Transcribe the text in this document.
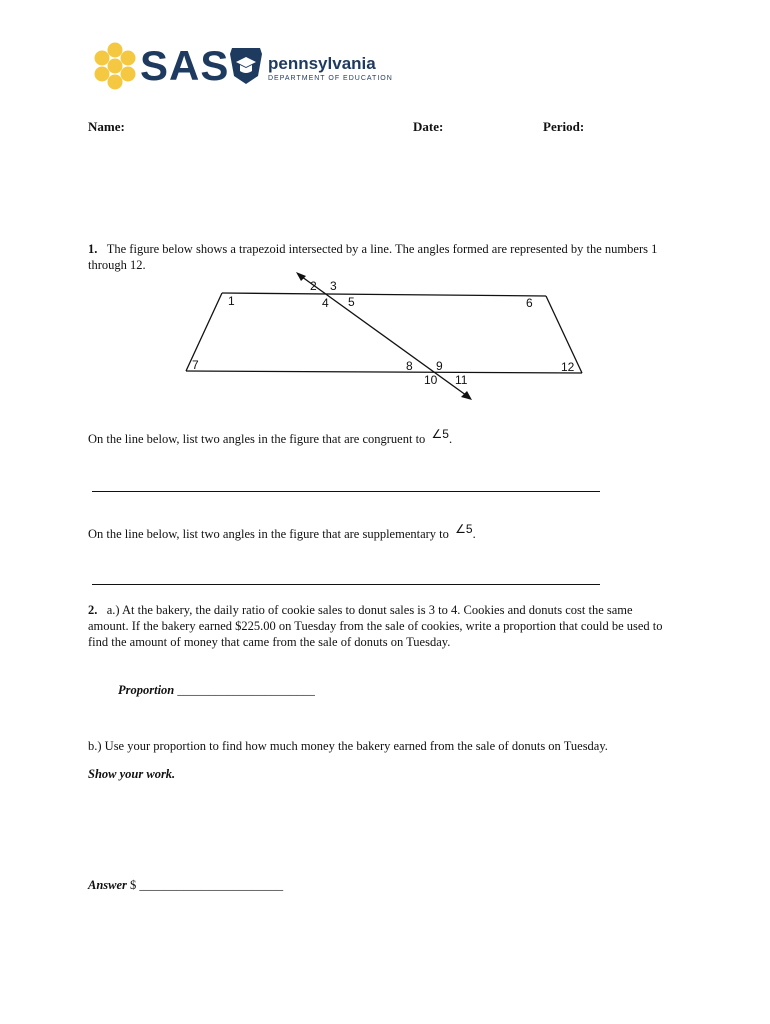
SAS pennsylvania
DEPARTMENT OF EDUCATION
Name:	Date:	Period:
1. The figure below shows a trapezoid intersected by a line. The angles formed are represented by the numbers 1
through 12.
1
2 3
4 5	6
7	8 9
10 11
12
On the line below, list two angles in the figure that are congruent to $^{\angle 5}$.
On the line below, list two angles in the figure that are supplementary to $^{\angle 5}$.
2. a.) At the bakery, the daily ratio of cookie sales to donut sales is 3 to 4. Cookies and donuts cost the same
amount. If the bakery earned $225.00 on Tuesday from the sale of cookies, write a proportion that could be used to
find the amount of money that came from the sale of donuts on Tuesday.
Proportion ______________________
b.) Use your proportion to find how much money the bakery earned from the sale of donuts on Tuesday.
Show your work.
Answer $ _______________________
